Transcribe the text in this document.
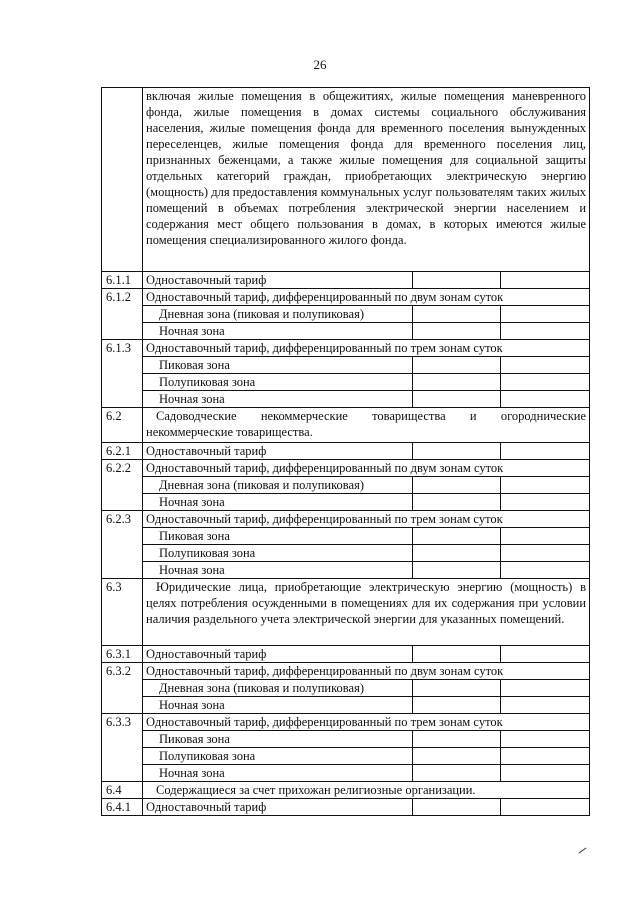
26
	включая жилые помещения в общежитиях, жилые помещения маневренного фонда, жилые помещения в домах системы социального обслуживания населения, жилые помещения фонда для временного поселения вынужденных переселенцев, жилые помещения фонда для временного поселения лиц, признанных беженцами, а также жилые помещения для социальной защиты отдельных категорий граждан, приобретающих электрическую энергию (мощность) для предоставления коммунальных услуг пользователям таких жилых помещений в объемах потребления электрической энергии населением и содержания мест общего пользования в домах, в которых имеются жилые помещения специализированного жилого фонда.		
6.1.1	Одноставочный тариф		
6.1.2	Одноставочный тариф, дифференцированный по двум зонам суток		
	Дневная зона (пиковая и полупиковая)		
	Ночная зона		
6.1.3	Одноставочный тариф, дифференцированный по трем зонам суток		
	Пиковая зона		
	Полупиковая зона		
	Ночная зона		
6.2	Садоводческие некоммерческие товарищества и огороднические некоммерческие товарищества.		
6.2.1	Одноставочный тариф		
6.2.2	Одноставочный тариф, дифференцированный по двум зонам суток		
	Дневная зона (пиковая и полупиковая)		
	Ночная зона		
6.2.3	Одноставочный тариф, дифференцированный по трем зонам суток		
	Пиковая зона		
	Полупиковая зона		
	Ночная зона		
6.3	Юридические лица, приобретающие электрическую энергию (мощность) в целях потребления осужденными в помещениях для их содержания при условии наличия раздельного учета электрической энергии для указанных помещений.		
6.3.1	Одноставочный тариф		
6.3.2	Одноставочный тариф, дифференцированный по двум зонам суток		
	Дневная зона (пиковая и полупиковая)		
	Ночная зона		
6.3.3	Одноставочный тариф, дифференцированный по трем зонам суток		
	Пиковая зона		
	Полупиковая зона		
	Ночная зона		
6.4	Содержащиеся за счет прихожан религиозные организации.		
6.4.1	Одноставочный тариф		
